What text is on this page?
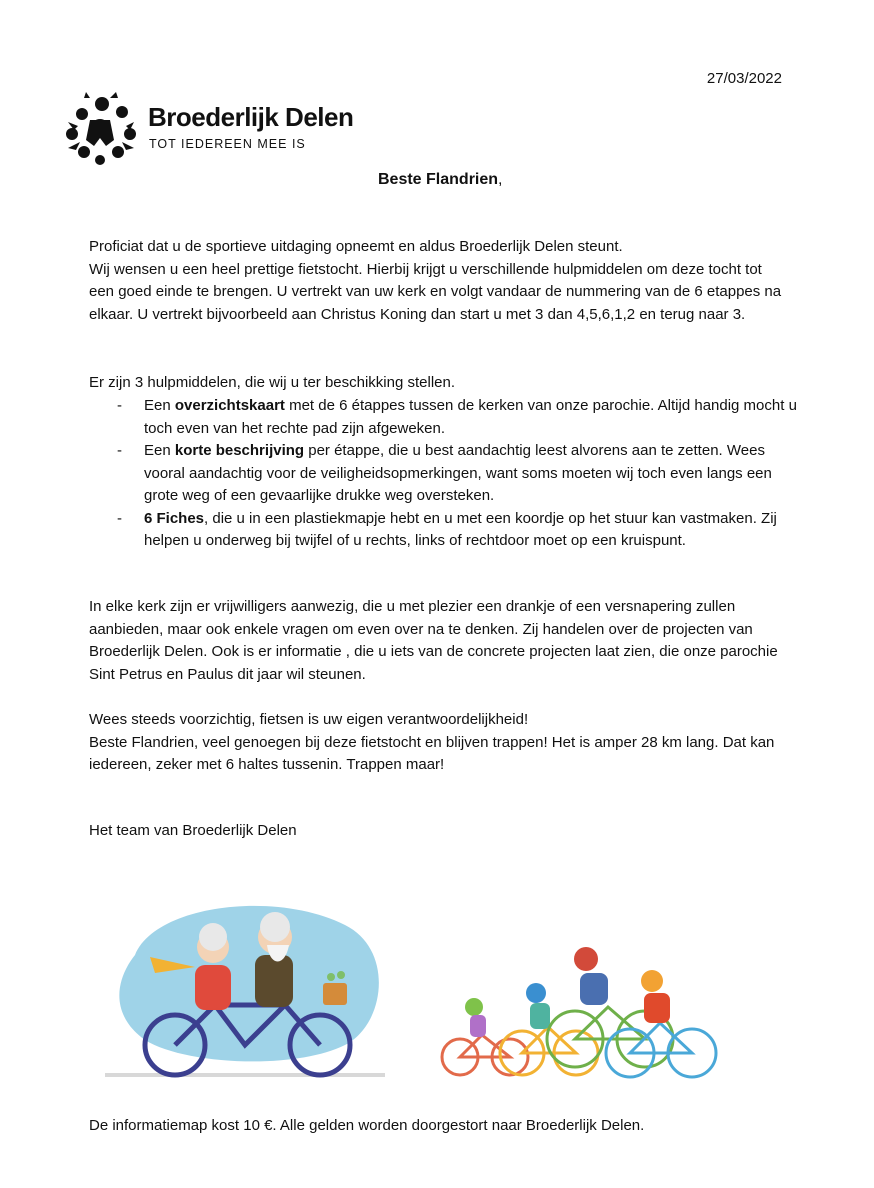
27/03/2022
Broederlijk Delen
TOT IEDEREEN MEE IS
Beste Flandrien,
Proficiat dat u de sportieve uitdaging opneemt en aldus Broederlijk Delen steunt.
Wij wensen u een heel prettige fietstocht. Hierbij krijgt u verschillende hulpmiddelen om deze tocht tot een goed einde te brengen. U vertrekt van uw kerk en volgt vandaar de nummering van de 6 etappes na elkaar. U vertrekt bijvoorbeeld aan Christus Koning dan start u met 3 dan 4,5,6,1,2 en terug naar 3.
Er zijn 3 hulpmiddelen, die wij u ter beschikking stellen.
- Een overzichtskaart met de 6 étappes tussen de kerken van onze parochie. Altijd handig mocht u toch even van het rechte pad zijn afgeweken.
- Een korte beschrijving per étappe, die u best aandachtig leest alvorens aan te zetten. Wees vooral aandachtig voor de veiligheidsopmerkingen, want soms moeten wij toch even langs een grote weg of een gevaarlijke drukke weg oversteken.
- 6 Fiches, die u in een plastiekmapje hebt en u met een koordje op het stuur kan vastmaken. Zij helpen u onderweg bij twijfel of u rechts, links of rechtdoor moet op een kruispunt.
In elke kerk zijn er vrijwilligers aanwezig, die u met plezier een drankje of een versnapering zullen aanbieden, maar ook enkele vragen om even over na te denken. Zij handelen over de projecten van Broederlijk Delen. Ook is er informatie , die u iets van de concrete projecten laat zien, die onze parochie Sint Petrus en Paulus dit jaar wil steunen.
Wees steeds voorzichtig, fietsen is uw eigen verantwoordelijkheid!
Beste Flandrien, veel genoegen bij deze fietstocht en blijven trappen! Het is amper 28 km lang. Dat kan iedereen, zeker met 6 haltes tussenin. Trappen maar!
Het team van Broederlijk Delen
De informatiemap kost 10 €. Alle gelden worden doorgestort naar Broederlijk Delen.
